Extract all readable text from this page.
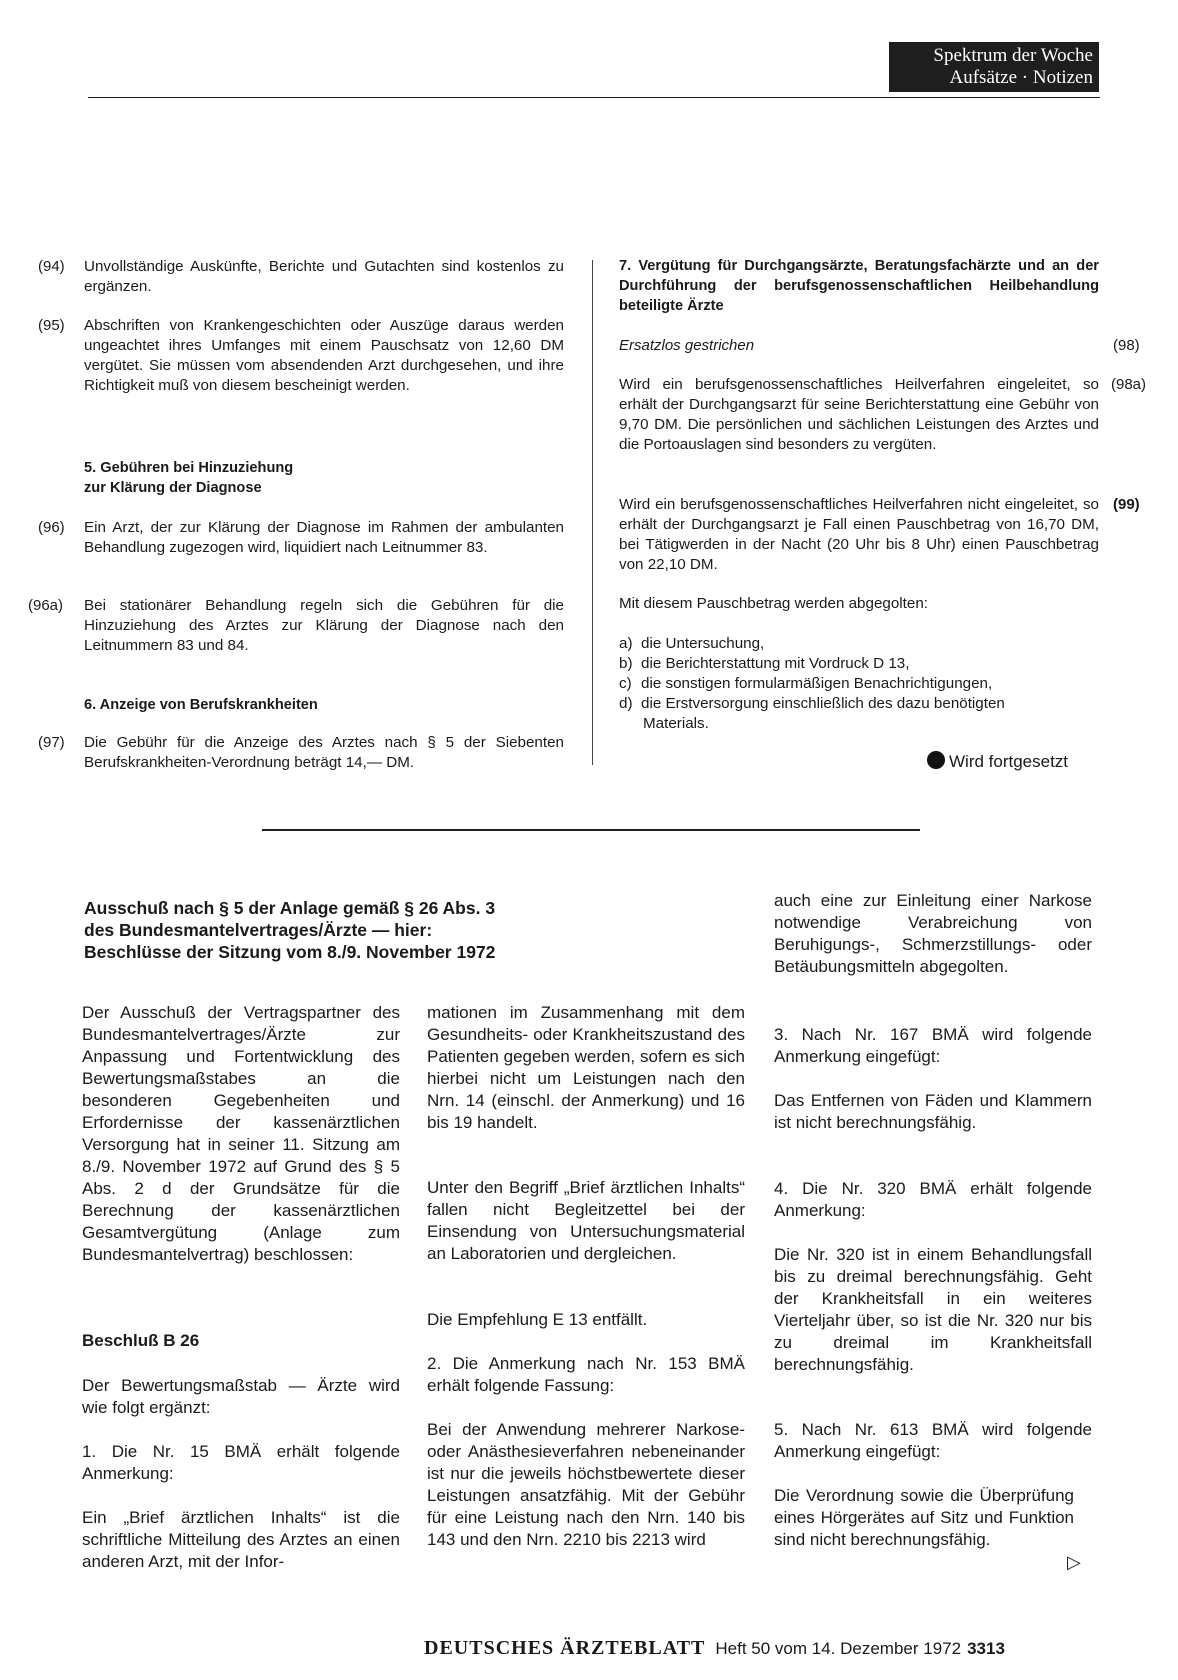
Spektrum der Woche
Aufsätze · Notizen
(94) Unvollständige Auskünfte, Berichte und Gutachten sind kostenlos zu ergänzen.
(95) Abschriften von Krankengeschichten oder Auszüge daraus werden ungeachtet ihres Umfanges mit einem Pauschsatz von 12,60 DM vergütet. Sie müssen vom absendenden Arzt durchgesehen, und ihre Richtigkeit muß von diesem bescheinigt werden.
5. Gebühren bei Hinzuziehung
zur Klärung der Diagnose
(96) Ein Arzt, der zur Klärung der Diagnose im Rahmen der ambulanten Behandlung zugezogen wird, liquidiert nach Leitnummer 83.
(96a) Bei stationärer Behandlung regeln sich die Gebühren für die Hinzuziehung des Arztes zur Klärung der Diagnose nach den Leitnummern 83 und 84.
6. Anzeige von Berufskrankheiten
(97) Die Gebühr für die Anzeige des Arztes nach § 5 der Siebenten Berufskrankheiten-Verordnung beträgt 14,— DM.
7. Vergütung für Durchgangsärzte, Beratungsfachärzte und an der Durchführung der berufsgenossenschaftlichen Heilbehandlung beteiligte Ärzte
Ersatzlos gestrichen	(98)
Wird ein berufsgenossenschaftliches Heilverfahren eingeleitet, so erhält der Durchgangsarzt für seine Berichterstattung eine Gebühr von 9,70 DM. Die persönlichen und sächlichen Leistungen des Arztes und die Portoauslagen sind besonders zu vergüten.
(98a)
Wird ein berufsgenossenschaftliches Heilverfahren nicht eingeleitet, so erhält der Durchgangsarzt je Fall einen Pauschbetrag von 16,70 DM, bei Tätigwerden in der Nacht (20 Uhr bis 8 Uhr) einen Pauschbetrag von 22,10 DM.
(99)
Mit diesem Pauschbetrag werden abgegolten:
a) die Untersuchung,
b) die Berichterstattung mit Vordruck D 13,
c) die sonstigen formularmäßigen Benachrichtigungen,
d) die Erstversorgung einschließlich des dazu benötigten
Materials.
Wird fortgesetzt
Ausschuß nach § 5 der Anlage gemäß § 26 Abs. 3
des Bundesmantelvertrages/Ärzte — hier:
Beschlüsse der Sitzung vom 8./9. November 1972
Der Ausschuß der Vertragspartner des Bundesmantelvertrages/Ärzte zur Anpassung und Fortentwicklung des Bewertungsmaßstabes an die besonderen Gegebenheiten und Erfordernisse der kassenärztlichen Versorgung hat in seiner 11. Sitzung am 8./9. November 1972 auf Grund des § 5 Abs. 2 d der Grundsätze für die Berechnung der kassenärztlichen Gesamtvergütung (Anlage zum Bundesmantelvertrag) beschlossen:
Beschluß B 26
Der Bewertungsmaßstab — Ärzte wird wie folgt ergänzt:
1. Die Nr. 15 BMÄ erhält folgende Anmerkung:
Ein „Brief ärztlichen Inhalts“ ist die schriftliche Mitteilung des Arztes an einen anderen Arzt, mit der Infor-
mationen im Zusammenhang mit dem Gesundheits- oder Krankheitszustand des Patienten gegeben werden, sofern es sich hierbei nicht um Leistungen nach den Nrn. 14 (einschl. der Anmerkung) und 16 bis 19 handelt.
Unter den Begriff „Brief ärztlichen Inhalts“ fallen nicht Begleitzettel bei der Einsendung von Untersuchungsmaterial an Laboratorien und dergleichen.
Die Empfehlung E 13 entfällt.
2. Die Anmerkung nach Nr. 153 BMÄ erhält folgende Fassung:
Bei der Anwendung mehrerer Narkose- oder Anästhesieverfahren nebeneinander ist nur die jeweils höchstbewertete dieser Leistungen ansatzfähig. Mit der Gebühr für eine Leistung nach den Nrn. 140 bis 143 und den Nrn. 2210 bis 2213 wird
auch eine zur Einleitung einer Narkose notwendige Verabreichung von Beruhigungs-, Schmerzstillungs- oder Betäubungsmitteln abgegolten.
3. Nach Nr. 167 BMÄ wird folgende Anmerkung eingefügt:
Das Entfernen von Fäden und Klammern ist nicht berechnungsfähig.
4. Die Nr. 320 BMÄ erhält folgende Anmerkung:
Die Nr. 320 ist in einem Behandlungsfall bis zu dreimal berechnungsfähig. Geht der Krankheitsfall in ein weiteres Vierteljahr über, so ist die Nr. 320 nur bis zu dreimal im Krankheitsfall berechnungsfähig.
5. Nach Nr. 613 BMÄ wird folgende Anmerkung eingefügt:
Die Verordnung sowie die Überprüfung eines Hörgerätes auf Sitz und Funktion sind nicht berechnungsfähig.
▷
DEUTSCHES ÄRZTEBLATT Heft 50 vom 14. Dezember 1972 3313
